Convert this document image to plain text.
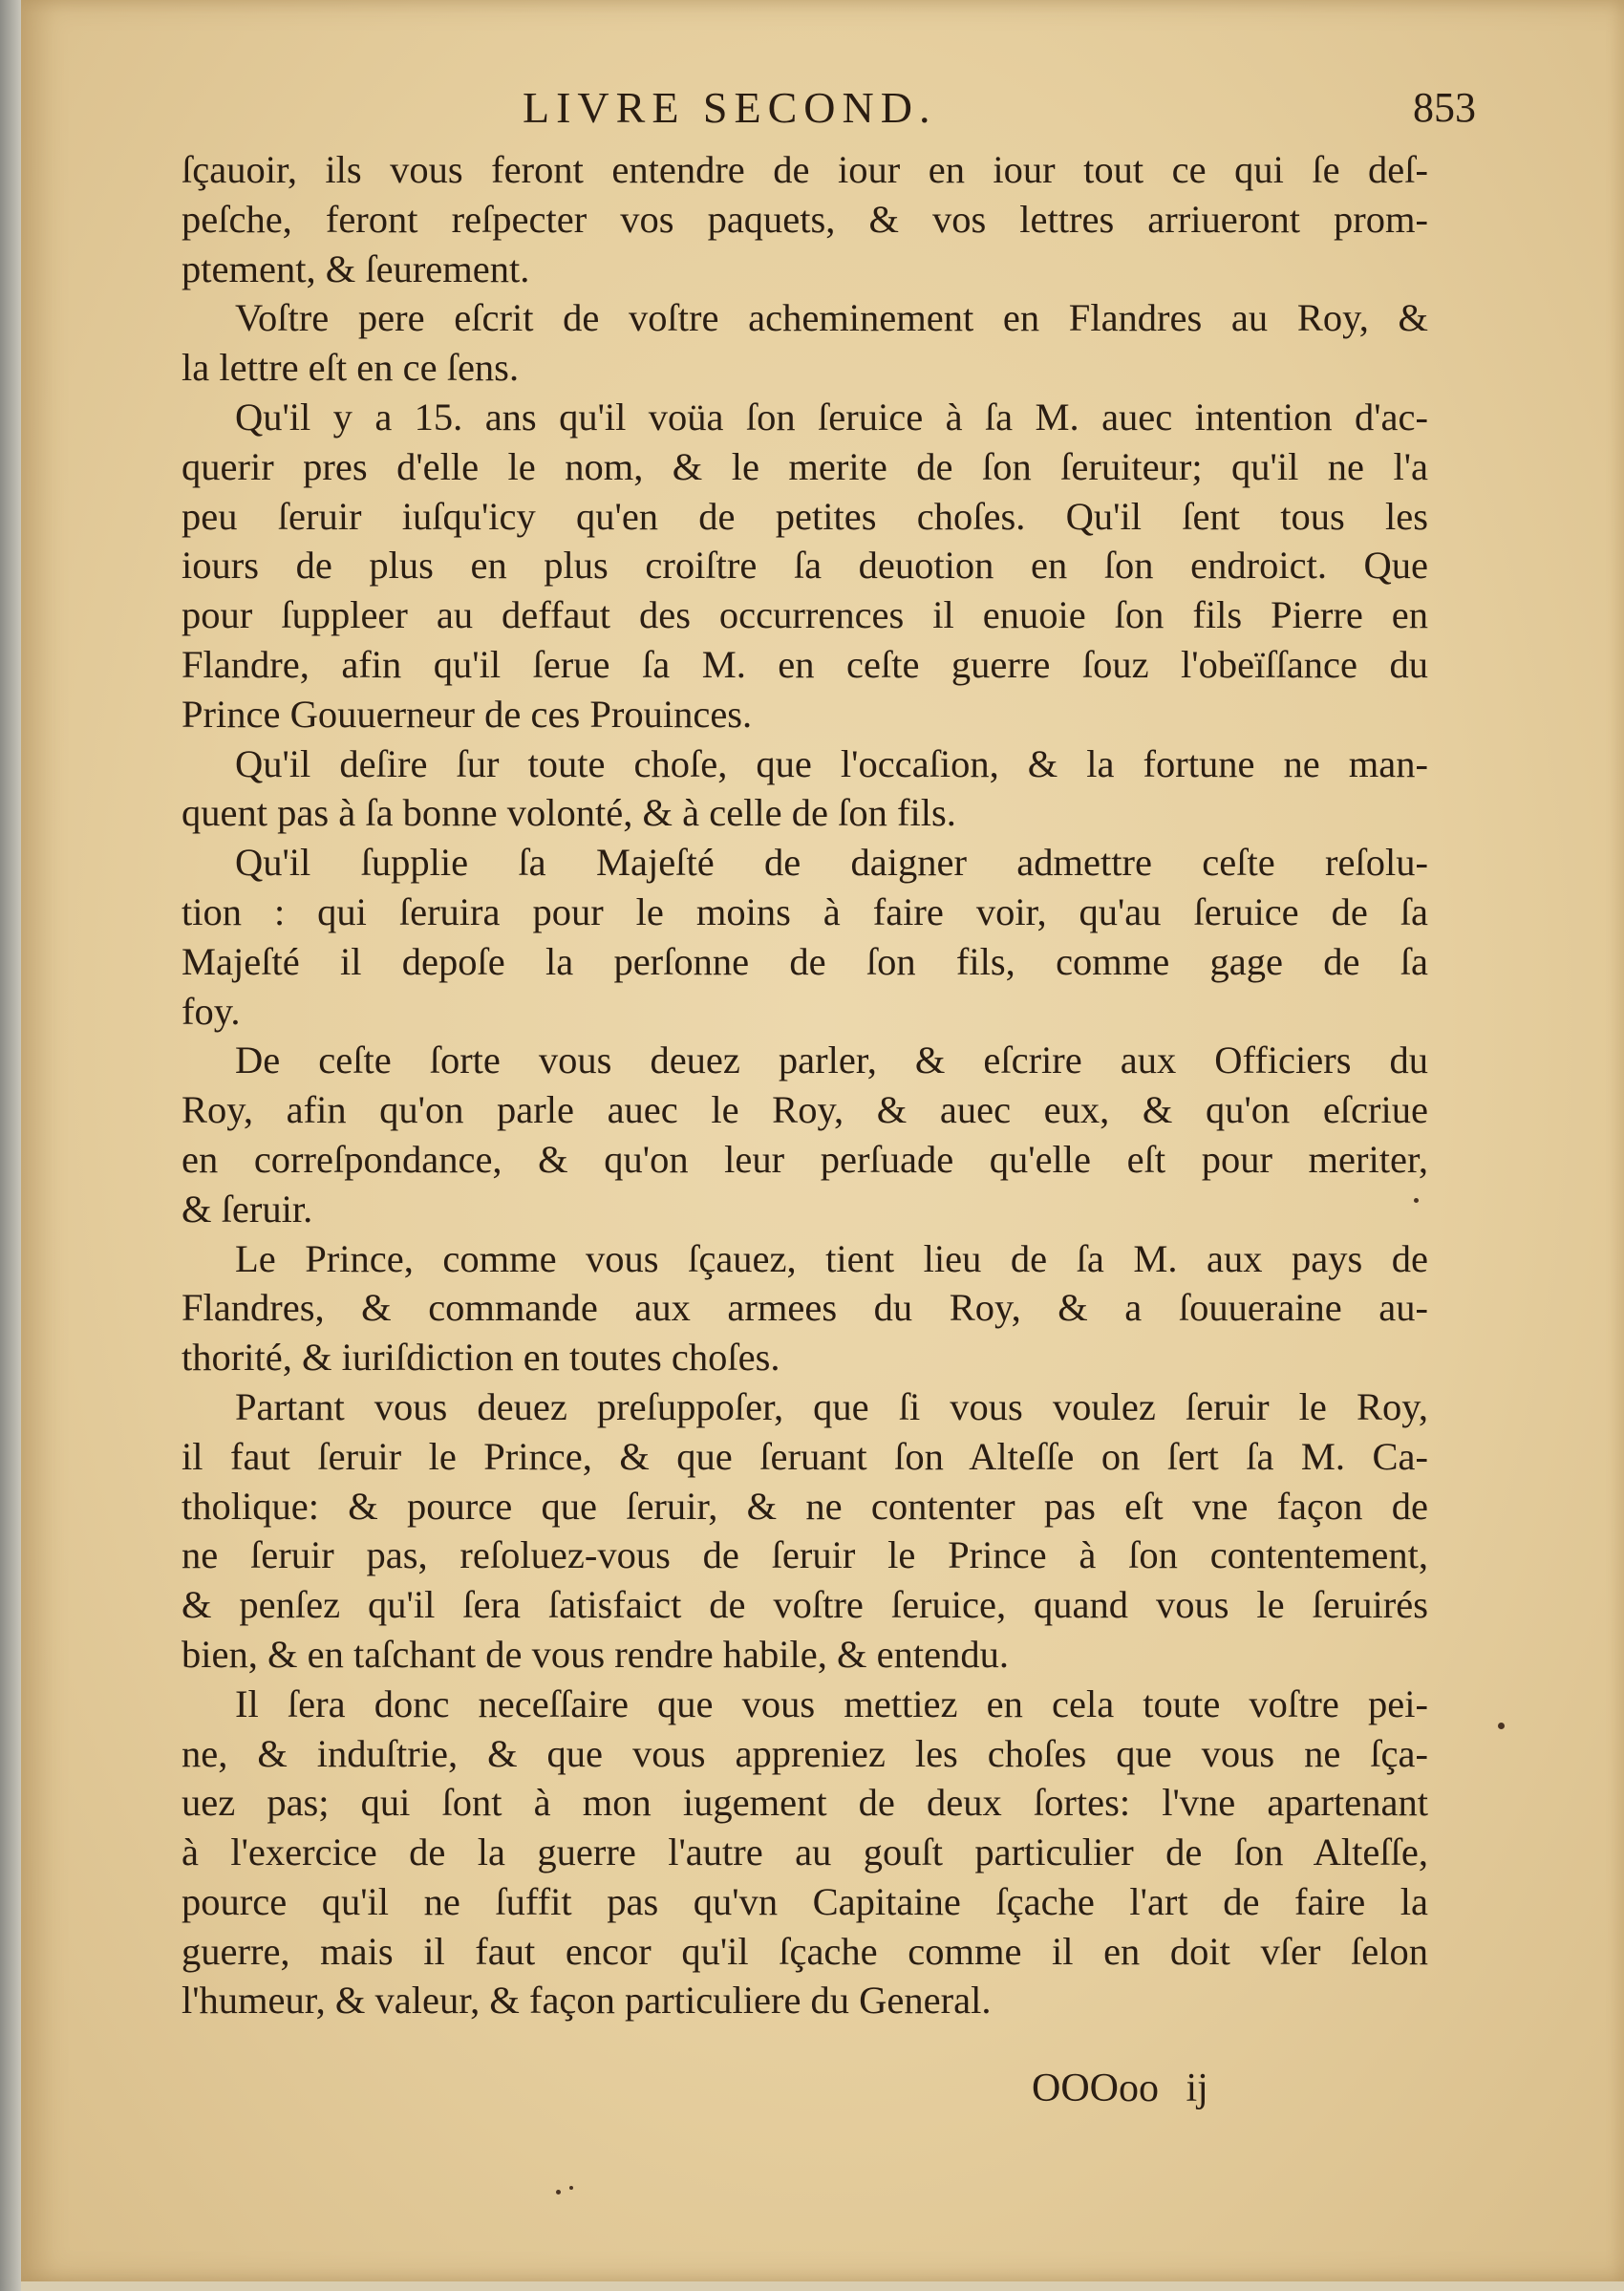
LIVRE SECOND.	853
ſçauoir, ils vous feront entendre de iour en iour tout ce qui ſe deſ-
peſche, feront reſpecter vos paquets, & vos lettres arriueront prom-
ptement, & ſeurement.
Voſtre pere eſcrit de voſtre acheminement en Flandres au Roy, &
la lettre eſt en ce ſens.
Qu'il y a 15. ans qu'il voüa ſon ſeruice à ſa M. auec intention d'ac-
querir pres d'elle le nom, & le merite de ſon ſeruiteur; qu'il ne l'a
peu ſeruir iuſqu'icy qu'en de petites choſes. Qu'il ſent tous les
iours de plus en plus croiſtre ſa deuotion en ſon endroict. Que
pour ſuppleer au deffaut des occurrences il enuoie ſon fils Pierre en
Flandre, afin qu'il ſerue ſa M. en ceſte guerre ſouz l'obeïſſance du
Prince Gouuerneur de ces Prouinces.
Qu'il deſire ſur toute choſe, que l'occaſion, & la fortune ne man-
quent pas à ſa bonne volonté, & à celle de ſon fils.
Qu'il ſupplie ſa Majeſté de daigner admettre ceſte reſolu-
tion : qui ſeruira pour le moins à faire voir, qu'au ſeruice de ſa
Majeſté il depoſe la perſonne de ſon fils, comme gage de ſa
foy.
De ceſte ſorte vous deuez parler, & eſcrire aux Officiers du
Roy, afin qu'on parle auec le Roy, & auec eux, & qu'on eſcriue
en correſpondance, & qu'on leur perſuade qu'elle eſt pour meriter,
& ſeruir.
Le Prince, comme vous ſçauez, tient lieu de ſa M. aux pays de
Flandres, & commande aux armees du Roy, & a ſouueraine au-
thorité, & iuriſdiction en toutes choſes.
Partant vous deuez preſuppoſer, que ſi vous voulez ſeruir le Roy,
il faut ſeruir le Prince, & que ſeruant ſon Alteſſe on ſert ſa M. Ca-
tholique: & pource que ſeruir, & ne contenter pas eſt vne façon de
ne ſeruir pas, reſoluez-vous de ſeruir le Prince à ſon contentement,
& penſez qu'il ſera ſatisfaict de voſtre ſeruice, quand vous le ſeruirés
bien, & en taſchant de vous rendre habile, & entendu.
Il ſera donc neceſſaire que vous mettiez en cela toute voſtre pei-
ne, & induſtrie, & que vous appreniez les choſes que vous ne ſça-
uez pas; qui ſont à mon iugement de deux ſortes: l'vne apartenant
à l'exercice de la guerre l'autre au gouſt particulier de ſon Alteſſe,
pource qu'il ne ſuffit pas qu'vn Capitaine ſçache l'art de faire la
guerre, mais il faut encor qu'il ſçache comme il en doit vſer ſelon
l'humeur, & valeur, & façon particuliere du General.
OOOoo ij
